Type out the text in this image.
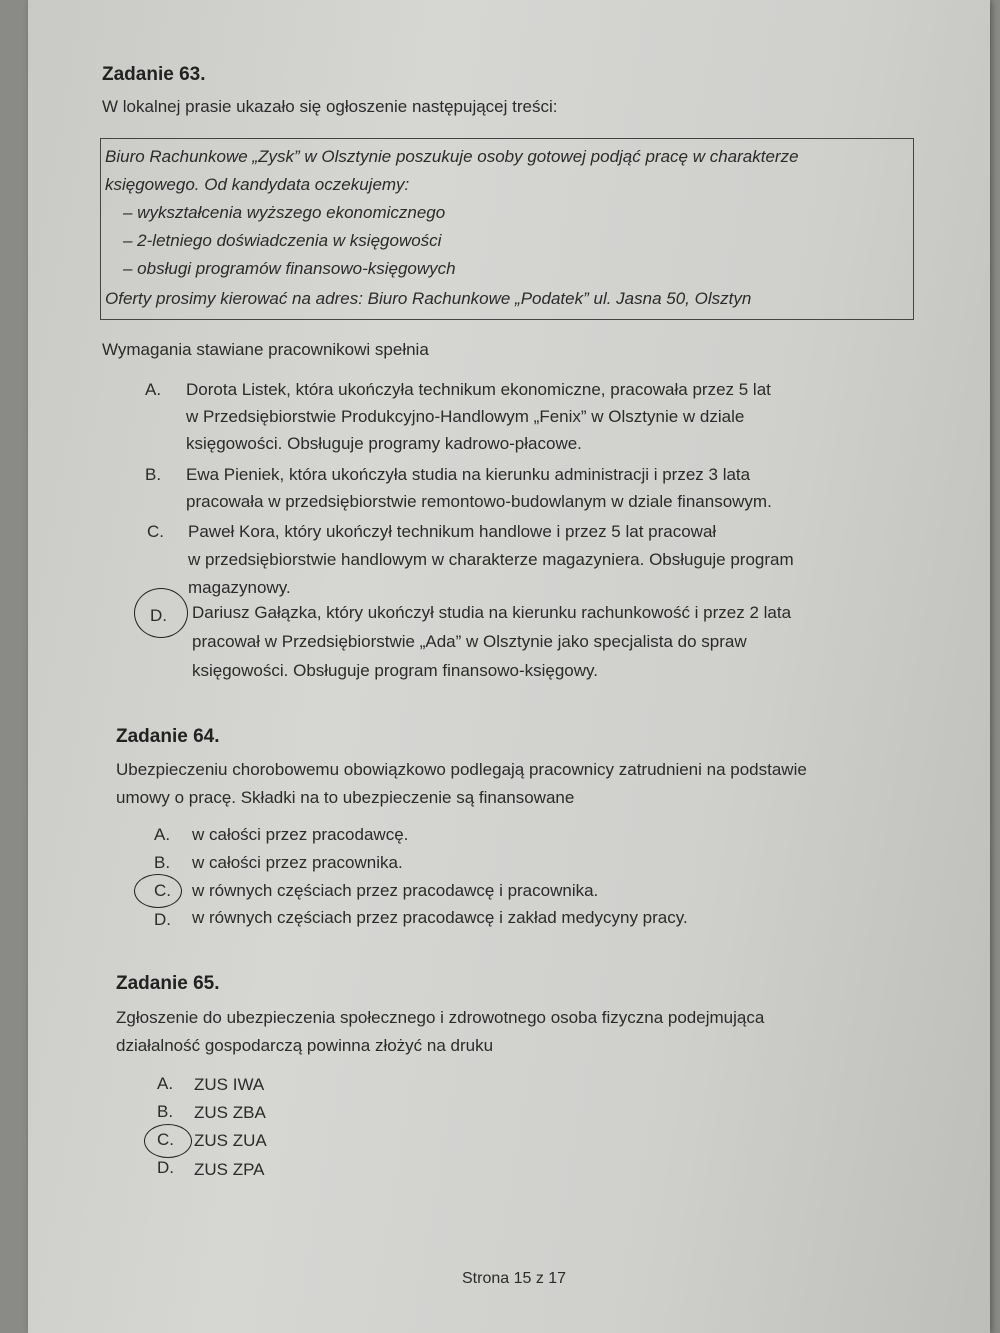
Zadanie 63.
W lokalnej prasie ukazało się ogłoszenie następującej treści:
Biuro Rachunkowe „Zysk” w Olsztynie poszukuje osoby gotowej podjąć pracę w charakterze
księgowego. Od kandydata oczekujemy:
– wykształcenia wyższego ekonomicznego
– 2-letniego doświadczenia w księgowości
– obsługi programów finansowo-księgowych
Oferty prosimy kierować na adres: Biuro Rachunkowe „Podatek” ul. Jasna 50, Olsztyn
Wymagania stawiane pracownikowi spełnia
A. Dorota Listek, która ukończyła technikum ekonomiczne, pracowała przez 5 lat
w Przedsiębiorstwie Produkcyjno-Handlowym „Fenix” w Olsztynie w dziale
księgowości. Obsługuje programy kadrowo-płacowe.
B. Ewa Pieniek, która ukończyła studia na kierunku administracji i przez 3 lata
pracowała w przedsiębiorstwie remontowo-budowlanym w dziale finansowym.
C. Paweł Kora, który ukończył technikum handlowe i przez 5 lat pracował
w przedsiębiorstwie handlowym w charakterze magazyniera. Obsługuje program
magazynowy.
D. Dariusz Gałązka, który ukończył studia na kierunku rachunkowość i przez 2 lata
pracował w Przedsiębiorstwie „Ada” w Olsztynie jako specjalista do spraw
księgowości. Obsługuje program finansowo-księgowy.
Zadanie 64.
Ubezpieczeniu chorobowemu obowiązkowo podlegają pracownicy zatrudnieni na podstawie
umowy o pracę. Składki na to ubezpieczenie są finansowane
A. w całości przez pracodawcę.
B. w całości przez pracownika.
C. w równych częściach przez pracodawcę i pracownika.
D. w równych częściach przez pracodawcę i zakład medycyny pracy.
Zadanie 65.
Zgłoszenie do ubezpieczenia społecznego i zdrowotnego osoba fizyczna podejmująca
działalność gospodarczą powinna złożyć na druku
A. ZUS IWA
B. ZUS ZBA
C. ZUS ZUA
D. ZUS ZPA
Strona 15 z 17
